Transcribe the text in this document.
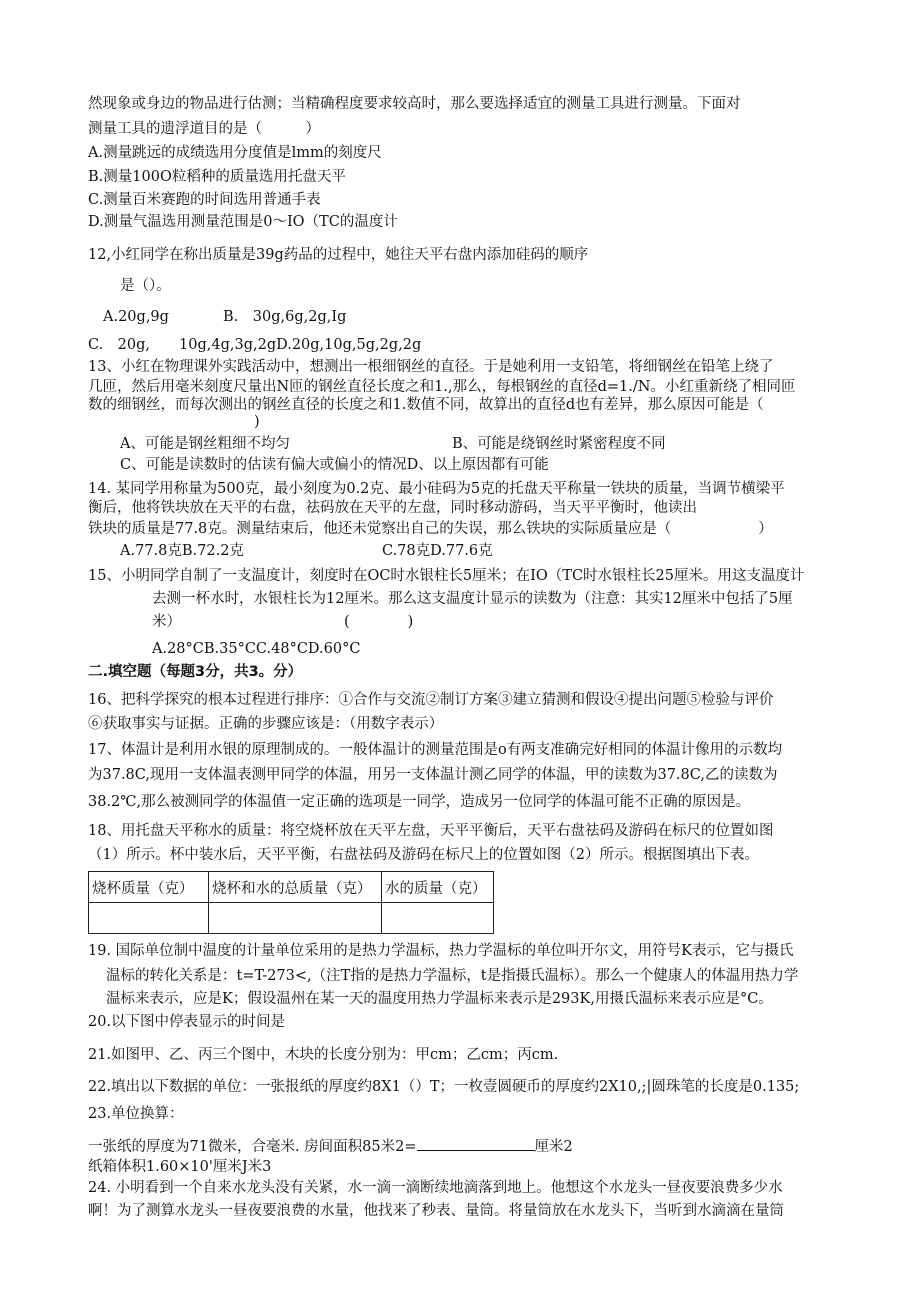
然现象或身边的物品进行估测；当精确程度要求较高时，那么要选择适宜的测量工具进行测量。下面对
测量工具的遗浮道目的是（　　　）
A.测量跳远的成绩选用分度值是lmm的刻度尺
B.测量100O粒稻种的质量选用托盘天平
C.测量百米赛跑的时间选用普通手表
D.测量气温选用测量范围是0～IO（TC的温度计
12,小红同学在称出质量是39g药品的过程中，她往天平右盘内添加硅码的顺序
是（）。
A.20g,9g	B.　30g,6g,2g,Ig
C.　20g,　　10g,4g,3g,2gD.20g,10g,5g,2g,2g
13、小红在物理课外实践活动中，想测出一根细钢丝的直径。于是她利用一支铅笔，将细钢丝在铅笔上绕了
几匝，然后用毫米刻度尺量出N匝的钢丝直径长度之和1.,那么，每根钢丝的直径d=1./N。小红重新绕了相同匝
数的细钢丝，而每次测出的钢丝直径的长度之和1.数值不同，故算出的直径d也有差异，那么原因可能是（
)
A、可能是钢丝粗细不均匀	B、可能是绕钢丝时紧密程度不同
C、可能是读数时的估读有偏大或偏小的情况D、以上原因都有可能
14. 某同学用称量为500克，最小刻度为0.2克、最小硅码为5克的托盘天平称量一铁块的质量，当调节横梁平
衡后，他将铁块放在天平的右盘，祛码放在天平的左盘，同时移动游码，当天平平衡时，他读出
铁块的质量是77.8克。测量结束后，他还未觉察出自己的失误，那么铁块的实际质量应是（　　　　　　）
A.77.8克B.72.2克	C.78克D.77.6克
15、小明同学自制了一支温度计，刻度时在OC时水银柱长5厘米；在IO（TC时水银柱长25厘米。用这支温度计
去测一杯水时，水银柱长为12厘米。那么这支温度计显示的读数为（注意：其实12厘米中包括了5厘
米）	(　　　　)
A.28°CB.35°CC.48°CD.60°C
二.填空题（每题3分，共3。分）
16、把科学探究的根本过程进行排序：①合作与交流②制订方案③建立猜测和假设④提出问题⑤检验与评价
⑥获取事实与证据。正确的步骤应该是：（用数字表示）
17、体温计是利用水银的原理制成的。一般体温计的测量范围是o有两支准确完好相同的体温计像用的示数均
为37.8C,现用一支体温表测甲同学的体温，用另一支体温计测乙同学的体温，甲的读数为37.8C,乙的读数为
38.2℃,那么被测同学的体温值一定正确的选项是一同学，造成另一位同学的体温可能不正确的原因是。
18、用托盘天平称水的质量：将空烧杯放在天平左盘，天平平衡后，天平右盘祛码及游码在标尺的位置如图
（1）所示。杯中装水后，天平平衡，右盘祛码及游码在标尺上的位置如图（2）所示。根据图填出下表。
烧杯质量（克）	烧杯和水的总质量（克）	水的质量（克）

19. 国际单位制中温度的计量单位采用的是热力学温标，热力学温标的单位叫开尔文，用符号K表示，它与摄氏
温标的转化关系是：t=T-273<,（注T指的是热力学温标，t是指摄氏温标）。那么一个健康人的体温用热力学
温标来表示，应是K；假设温州在某一天的温度用热力学温标来表示是293K,用摄氏温标来表示应是°C。
20.以下图中停表显示的时间是
21.如图甲、乙、丙三个图中，木块的长度分别为：甲cm；乙cm；丙cm.
22.填出以下数据的单位：一张报纸的厚度约8X1（）T；一枚壹圆硬币的厚度约2X10,;|圆珠笔的长度是0.135;
23.单位换算：
一张纸的厚度为71微米，合毫米. 房间面积85米2=	厘米2
纸箱体积1.60×10'厘米J米3
24. 小明看到一个自来水龙头没有关紧，水一滴一滴断续地滴落到地上。他想这个水龙头一昼夜要浪费多少水
啊！为了测算水龙头一昼夜要浪费的水量，他找来了秒表、量筒。将量筒放在水龙头下，当听到水滴滴在量筒
